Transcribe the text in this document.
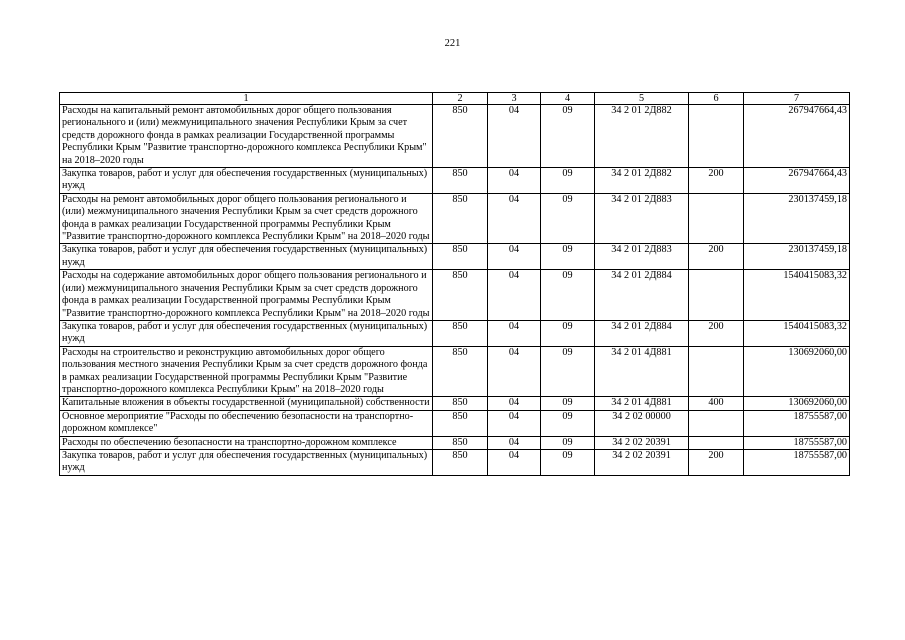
221
1	2	3	4	5	6	7
Расходы на капитальный ремонт автомобильных дорог общего пользования регионального и (или) межмуниципального значения Республики Крым за счет средств дорожного фонда в рамках реализации Государственной программы Республики Крым "Развитие транспортно-дорожного комплекса Республики Крым" на 2018–2020 годы	850	04	09	34 2 01 2Д882		267947664,43
Закупка товаров, работ и услуг для обеспечения государственных (муниципальных) нужд	850	04	09	34 2 01 2Д882	200	267947664,43
Расходы на ремонт автомобильных дорог общего пользования регионального и (или) межмуниципального значения Республики Крым за счет средств дорожного фонда в рамках реализации Государственной программы Республики Крым "Развитие транспортно-дорожного комплекса Республики Крым" на 2018–2020 годы	850	04	09	34 2 01 2Д883		230137459,18
Закупка товаров, работ и услуг для обеспечения государственных (муниципальных) нужд	850	04	09	34 2 01 2Д883	200	230137459,18
Расходы на содержание автомобильных дорог общего пользования регионального и (или) межмуниципального значения Республики Крым за счет средств дорожного фонда в рамках реализации Государственной программы Республики Крым "Развитие транспортно-дорожного комплекса Республики Крым" на 2018–2020 годы	850	04	09	34 2 01 2Д884		1540415083,32
Закупка товаров, работ и услуг для обеспечения государственных (муниципальных) нужд	850	04	09	34 2 01 2Д884	200	1540415083,32
Расходы на строительство и реконструкцию автомобильных дорог общего пользования местного значения Республики Крым за счет средств дорожного фонда в рамках реализации Государственной программы Республики Крым "Развитие транспортно-дорожного комплекса Республики Крым" на 2018–2020 годы	850	04	09	34 2 01 4Д881		130692060,00
Капитальные вложения в объекты государственной (муниципальной) собственности	850	04	09	34 2 01 4Д881	400	130692060,00
Основное мероприятие "Расходы по обеспечению безопасности на транспортно-дорожном комплексе"	850	04	09	34 2 02 00000		18755587,00
Расходы по обеспечению безопасности на транспортно-дорожном комплексе	850	04	09	34 2 02 20391		18755587,00
Закупка товаров, работ и услуг для обеспечения государственных (муниципальных) нужд	850	04	09	34 2 02 20391	200	18755587,00
